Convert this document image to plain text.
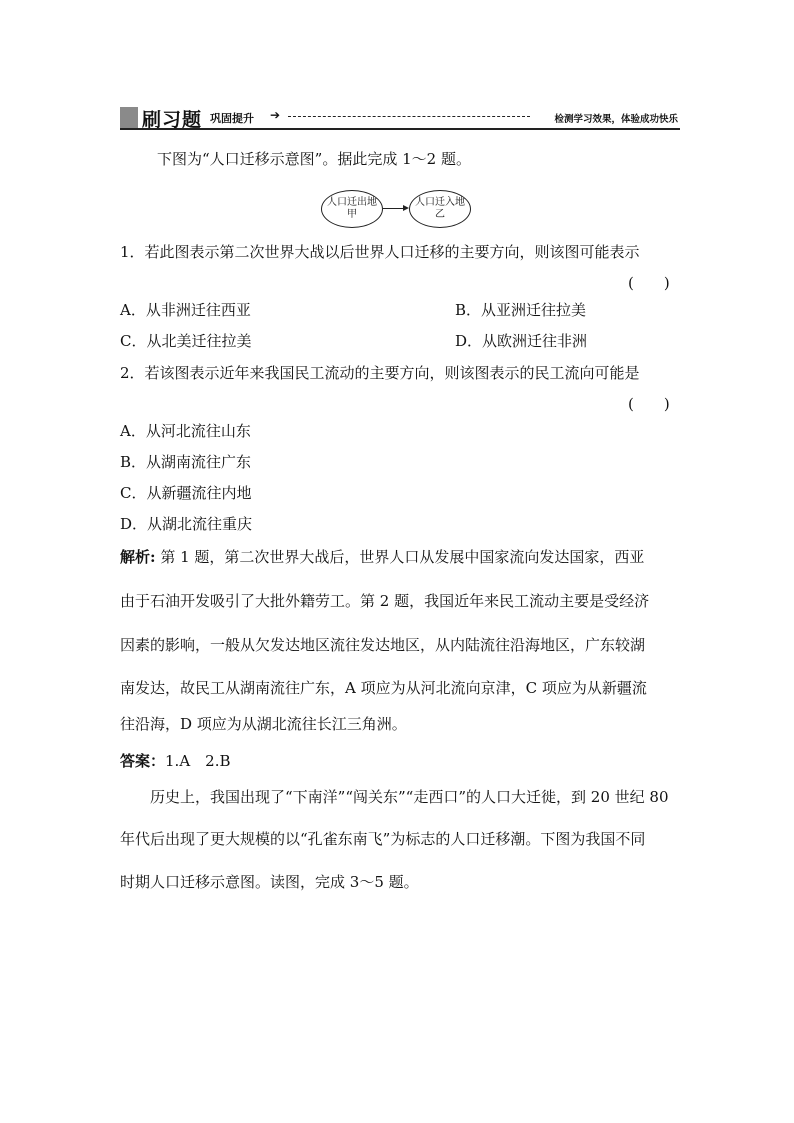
刷习题 巩固提升 ➔	检测学习效果，体验成功快乐
下图为“人口迁移示意图”。据此完成 1～2 题。
人口迁出地
甲
人口迁入地
乙
1．若此图表示第二次世界大战以后世界人口迁移的主要方向，则该图可能表示
(　　)
A．从非洲迁往西亚	B．从亚洲迁往拉美
C．从北美迁往拉美	D．从欧洲迁往非洲
2．若该图表示近年来我国民工流动的主要方向，则该图表示的民工流向可能是
(　　)
A．从河北流往山东
B．从湖南流往广东
C．从新疆流往内地
D．从湖北流往重庆
解析: 第 1 题，第二次世界大战后，世界人口从发展中国家流向发达国家，西亚
由于石油开发吸引了大批外籍劳工。第 2 题，我国近年来民工流动主要是受经济
因素的影响，一般从欠发达地区流往发达地区，从内陆流往沿海地区，广东较湖
南发达，故民工从湖南流往广东，A 项应为从河北流向京津，C 项应为从新疆流
往沿海，D 项应为从湖北流往长江三角洲。
答案：1.A　2.B
历史上，我国出现了“下南洋”“闯关东”“走西口”的人口大迁徙，到 20 世纪 80
年代后出现了更大规模的以“孔雀东南飞”为标志的人口迁移潮。下图为我国不同
时期人口迁移示意图。读图，完成 3～5 题。
